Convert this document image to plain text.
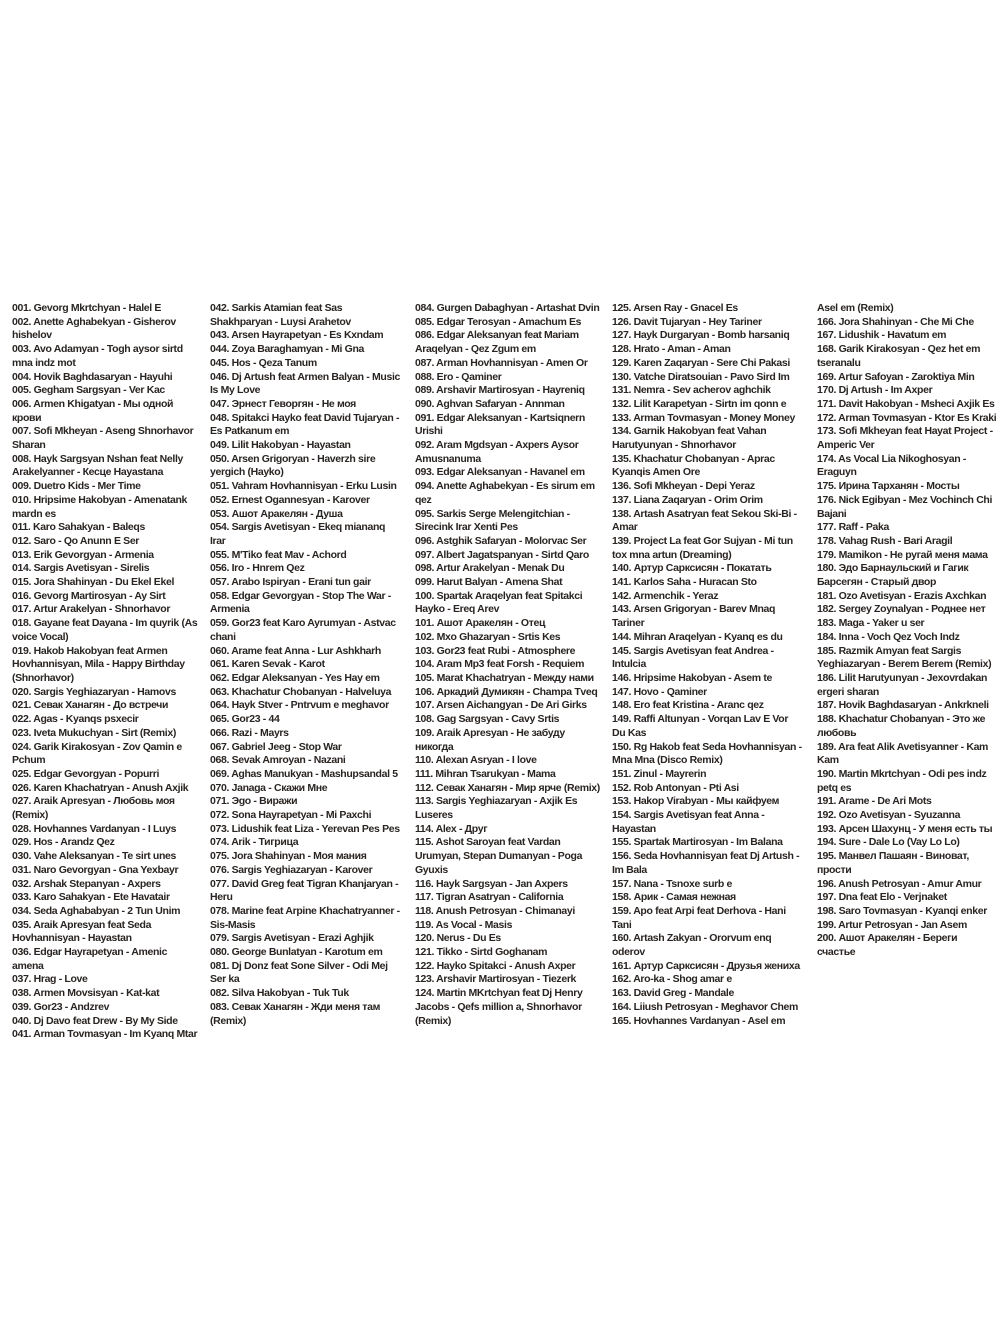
001. Gevorg Mkrtchyan - Halel E
002. Anette Aghabekyan - Gisherov hishelov
003. Avo Adamyan - Togh aysor sirtd mna indz mot
004. Hovik Baghdasaryan - Hayuhi
005. Gegham Sargsyan - Ver Kac
006. Armen Khigatyan - Мы одной крови
007. Sofi Mkheyan - Aseng Shnorhavor Sharan
008. Hayk Sargsyan Nshan feat Nelly Arakelyanner - Кесце Hayastana
009. Duetro Kids - Mer Time
010. Hripsime Hakobyan - Amenatank mardn es
011. Karo Sahakyan - Baleqs
012. Saro - Qo Anunn E Ser
013. Erik Gevorgyan - Armenia
014. Sargis Avetisyan - Sirelis
015. Jora Shahinyan - Du Ekel Ekel
016. Gevorg Martirosyan - Ay Sirt
017. Artur Arakelyan - Shnorhavor
018. Gayane feat Dayana - Im quyrik (As voice Vocal)
019. Hakob Hakobyan feat Armen Hovhannisyan, Mila - Happy Birthday (Shnorhavor)
020. Sargis Yeghiazaryan - Hamovs
021. Севак Ханагян - До встречи
022. Agas - Kyanqs psxecir
023. Iveta Mukuchyan - Sirt (Remix)
024. Garik Kirakosyan - Zov Qamin e Pchum
025. Edgar Gevorgyan - Popurri
026. Karen Khachatryan - Anush Axjik
027. Araik Apresyan - Любовь моя (Remix)
028. Hovhannes Vardanyan - I Luys
029. Hos - Arandz Qez
030. Vahe Aleksanyan - Te sirt unes
031. Naro Gevorgyan - Gna Yexbayr
032. Arshak Stepanyan - Axpers
033. Karo Sahakyan - Ete Havatair
034. Seda Aghababyan - 2 Tun Unim
035. Araik Apresyan feat Seda Hovhannisyan - Hayastan
036. Edgar Hayrapetyan - Amenic amena
037. Hrag - Love
038. Armen Movsisyan - Kat-kat
039. Gor23 - Andzrev
040. Dj Davo feat Drew - By My Side
041. Arman Tovmasyan - Im Kyanq Mtar
042. Sarkis Atamian feat Sas Shakhparyan - Luysi Arahetov
043. Arsen Hayrapetyan - Es Kxndam
044. Zoya Baraghamyan - Mi Gna
045. Hos - Qeza Tanum
046. Dj Artush feat Armen Balyan - Music Is My Love
047. Эрнест Геворгян - Не моя
048. Spitakci Hayko feat David Tujaryan - Es Patkanum em
049. Lilit Hakobyan - Hayastan
050. Arsen Grigoryan - Haverzh sire yergich (Hayko)
051. Vahram Hovhannisyan - Erku Lusin
052. Ernest Ogannesyan - Karover
053. Ашот Аракелян - Душа
054. Sargis Avetisyan - Ekeq miananq Irar
055. M'Tiko feat Mav - Achord
056. Iro - Hnrem Qez
057. Arabo Ispiryan - Erani tun gair
058. Edgar Gevorgyan - Stop The War - Armenia
059. Gor23 feat Karo Ayrumyan - Astvac chani
060. Arame feat Anna - Lur Ashkharh
061. Karen Sevak - Karot
062. Edgar Aleksanyan - Yes Hay em
063. Khachatur Chobanyan - Halveluya
064. Hayk Stver - Pntrvum e meghavor
065. Gor23 - 44
066. Razi - Mayrs
067. Gabriel Jeeg - Stop War
068. Sevak Amroyan - Nazani
069. Aghas Manukyan - Mashupsandal 5
070. Janaga - Скажи Мне
071. Эgo - Виражи
072. Sona Hayrapetyan - Mi Paxchi
073. Lidushik feat Liza - Yerevan Pes Pes
074. Arik - Тигрица
075. Jora Shahinyan - Моя мания
076. Sargis Yeghiazaryan - Karover
077. David Greg feat Tigran Khanjaryan - Heru
078. Marine feat Arpine Khachatryanner - Sis-Masis
079. Sargis Avetisyan - Erazi Aghjik
080. George Bunlatyan - Karotum em
081. Dj Donz feat Sone Silver - Odi Mej Ser ka
082. Silva Hakobyan - Tuk Tuk
083. Севак Ханагян - Жди меня там (Remix)
084. Gurgen Dabaghyan - Artashat Dvin
085. Edgar Terosyan - Amachum Es
086. Edgar Aleksanyan feat Mariam Araqelyan - Qez Zgum em
087. Arman Hovhannisyan - Amen Or
088. Ero - Qaminer
089. Arshavir Martirosyan - Hayreniq
090. Aghvan Safaryan - Annman
091. Edgar Aleksanyan - Kartsiqnern Urishi
092. Aram Mgdsyan - Axpers Aysor Amusnanuma
093. Edgar Aleksanyan - Havanel em
094. Anette Aghabekyan - Es sirum em qez
095. Sarkis Serge Melengitchian - Sirecink Irar Xenti Pes
096. Astghik Safaryan - Molorvac Ser
097. Albert Jagatspanyan - Sirtd Qaro
098. Artur Arakelyan - Menak Du
099. Harut Balyan - Amena Shat
100. Spartak Araqelyan feat Spitakci Hayko - Ereq Arev
101. Ашот Аракелян - Отец
102. Mxo Ghazaryan - Srtis Kes
103. Gor23 feat Rubi - Atmosphere
104. Aram Mp3 feat Forsh - Requiem
105. Marat Khachatryan - Между нами
106. Аркадий Думикян - Champa Tveq
107. Arsen Aichangyan - De Ari Girks
108. Gag Sargsyan - Cavy Srtis
109. Araik Apresyan - Не забуду никогда
110. Alexan Asryan - I love
111. Mihran Tsarukyan - Mama
112. Севак Ханагян - Мир ярче (Remix)
113. Sargis Yeghiazaryan - Axjik Es Luseres
114. Alex - Друг
115. Ashot Saroyan feat Vardan Urumyan, Stepan Dumanyan - Poga Gyuxis
116. Hayk Sargsyan - Jan Axpers
117. Tigran Asatryan - California
118. Anush Petrosyan - Chimanayi
119. As Vocal - Masis
120. Nerus - Du Es
121. Tikko - Sirtd Goghanam
122. Hayko Spitakci - Anush Axper
123. Arshavir Martirosyan - Tiezerk
124. Martin MKrtchyan feat Dj Henry Jacobs - Qefs million a, Shnorhavor (Remix)
125. Arsen Ray - Gnacel Es
126. Davit Tujaryan - Hey Tariner
127. Hayk Durgaryan - Bomb harsaniq
128. Hrato - Aman - Aman
129. Karen Zaqaryan - Sere Chi Pakasi
130. Vatche Diratsouian - Pavo Sird Im
131. Nemra - Sev acherov aghchik
132. Lilit Karapetyan - Sirtn im qonn e
133. Arman Tovmasyan - Money Money
134. Garnik Hakobyan feat Vahan Harutyunyan - Shnorhavor
135. Khachatur Chobanyan - Aprac Kyanqis Amen Ore
136. Sofi Mkheyan - Depi Yeraz
137. Liana Zaqaryan - Orim Orim
138. Artash Asatryan feat Sekou Ski-Bi - Amar
139. Project La feat Gor Sujyan - Mi tun tox mna artun (Dreaming)
140. Артур Сарксисян - Покатать
141. Karlos Saha - Huracan Sto
142. Armenchik - Yeraz
143. Arsen Grigoryan - Barev Mnaq Tariner
144. Mihran Araqelyan - Kyanq es du
145. Sargis Avetisyan feat Andrea - Intulcia
146. Hripsime Hakobyan - Asem te
147. Hovo - Qaminer
148. Ero feat Kristina - Aranc qez
149. Raffi Altunyan - Vorqan Lav E Vor Du Kas
150. Rg Hakob feat Seda Hovhannisyan - Mna Mna (Disco Remix)
151. Zinul - Mayrerin
152. Rob Antonyan - Pti Asi
153. Hakop Virabyan - Мы кайфуем
154. Sargis Avetisyan feat Anna - Hayastan
155. Spartak Martirosyan - Im Balana
156. Seda Hovhannisyan feat Dj Artush - Im Bala
157. Nana - Tsnoxe surb e
158. Арик - Самая нежная
159. Apo feat Arpi feat Derhova - Hani Tani
160. Artash Zakyan - Ororvum enq oderov
161. Артур Сарксисян - Друзья жениха
162. Aro-ka - Shog amar e
163. David Greg - Mandale
164. Liiush Petrosyan - Meghavor Chem
165. Hovhannes Vardanyan - Asel em
Asel em (Remix)
166. Jora Shahinyan - Che Mi Che
167. Lidushik - Havatum em
168. Garik Kirakosyan - Qez het em tseranalu
169. Artur Safoyan - Zaroktiya Min
170. Dj Artush - Im Axper
171. Davit Hakobyan - Msheci Axjik Es
172. Arman Tovmasyan - Ktor Es Kraki
173. Sofi Mkheyan feat Hayat Project - Amperic Ver
174. As Vocal Lia Nikoghosyan - Eraguyn
175. Ирина Тарханян - Мосты
176. Nick Egibyan - Mez Vochinch Chi Bajani
177. Raff - Paka
178. Vahag Rush - Bari Aragil
179. Mamikon - Не ругай меня мама
180. Эдо Барнаульский и Гагик Барсегян - Старый двор
181. Ozo Avetisyan - Erazis Axchkan
182. Sergey Zoynalyan - Роднее нет
183. Maga - Yaker u ser
184. Inna - Voch Qez Voch Indz
185. Razmik Amyan feat Sargis Yeghiazaryan - Berem Berem (Remix)
186. Lilit Harutyunyan - Jexovrdakan ergeri sharan
187. Hovik Baghdasaryan - Ankrkneli
188. Khachatur Chobanyan - Это же любовь
189. Ara feat Alik Avetisyanner - Kam Kam
190. Martin Mkrtchyan - Odi pes indz petq es
191. Arame - De Ari Mots
192. Ozo Avetisyan - Syuzanna
193. Арсен Шахунц - У меня есть ты
194. Sure - Dale Lo (Vay Lo Lo)
195. Манвел Пашаян - Виноват, прости
196. Anush Petrosyan - Amur Amur
197. Dna feat Elo - Verjnaket
198. Saro Tovmasyan - Kyanqi enker
199. Artur Petrosyan - Jan Asem
200. Ашот Аракелян - Береги счастье
